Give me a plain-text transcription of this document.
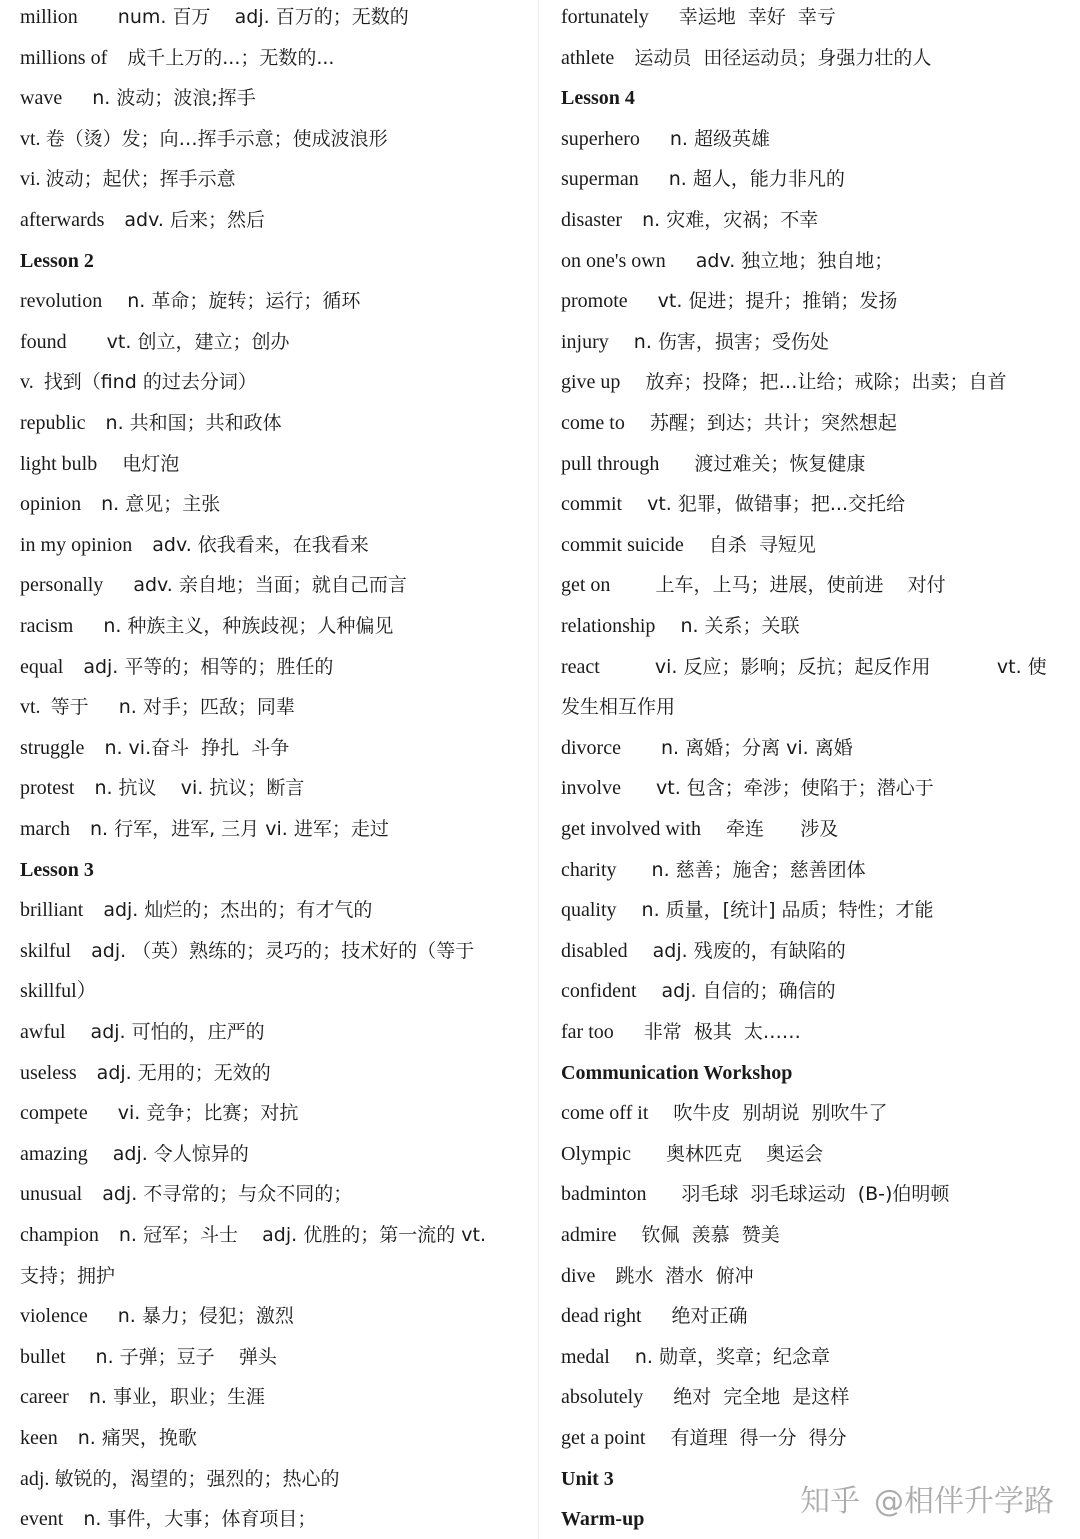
million        num. 百万    adj. 百万的；无数的
millions of    成千上万的...；无数的...
wave      n. 波动；波浪;挥手
vt. 卷（烫）发；向…挥手示意；使成波浪形
vi. 波动；起伏；挥手示意
afterwards    adv. 后来；然后
Lesson 2
revolution     n. 革命；旋转；运行；循环
found        vt. 创立，建立；创办
v.  找到（find 的过去分词）
republic    n. 共和国；共和政体
light bulb     电灯泡
opinion    n. 意见；主张
in my opinion    adv. 依我看来，在我看来
personally      adv. 亲自地；当面；就自己而言
racism      n. 种族主义，种族歧视；人种偏见
equal    adj. 平等的；相等的；胜任的
vt.  等于     n. 对手；匹敌；同辈
struggle    n. vi.奋斗  挣扎  斗争
protest    n. 抗议    vi. 抗议；断言
march    n. 行军，进军, 三月 vi. 进军；走过
Lesson 3
brilliant    adj. 灿烂的；杰出的；有才气的
skilful    adj. （英）熟练的；灵巧的；技术好的（等于
skillful）
awful     adj. 可怕的，庄严的
useless    adj. 无用的；无效的
compete      vi. 竞争；比赛；对抗
amazing     adj. 令人惊异的
unusual    adj. 不寻常的；与众不同的；
champion    n. 冠军；斗士    adj. 优胜的；第一流的 vt.
支持；拥护
violence      n. 暴力；侵犯；激烈
bullet      n. 子弹；豆子    弹头
career    n. 事业，职业；生涯
keen    n. 痛哭，挽歌
adj. 敏锐的，渴望的；强烈的；热心的
event    n. 事件，大事；体育项目；
fortunately      幸运地  幸好  幸亏
athlete    运动员  田径运动员；身强力壮的人
Lesson 4
superhero      n. 超级英雄
superman      n. 超人，能力非凡的
disaster    n. 灾难，灾祸；不幸
on one's own      adv. 独立地；独自地；
promote      vt. 促进；提升；推销；发扬
injury     n. 伤害，损害；受伤处
give up     放弃；投降；把…让给；戒除；出卖；自首
come to     苏醒；到达；共计；突然想起
pull through       渡过难关；恢复健康
commit     vt. 犯罪，做错事；把...交托给
commit suicide     自杀  寻短见
get on         上车，上马；进展，使前进    对付
relationship     n. 关系；关联
react           vi. 反应；影响；反抗；起反作用           vt. 使
发生相互作用
divorce        n. 离婚；分离 vi. 离婚
involve       vt. 包含；牵涉；使陷于；潜心于
get involved with     牵连      涉及
charity       n. 慈善；施舍；慈善团体
quality     n. 质量，[统计] 品质；特性；才能
disabled     adj. 残废的，有缺陷的
confident     adj. 自信的；确信的
far too      非常  极其  太……
Communication Workshop
come off it     吹牛皮  别胡说  别吹牛了
Olympic       奥林匹克    奥运会
badminton       羽毛球  羽毛球运动  (B-)伯明顿
admire     钦佩  羡慕  赞美
dive    跳水  潜水  俯冲
dead right      绝对正确
medal     n. 勋章，奖章；纪念章
absolutely      绝对  完全地  是这样
get a point     有道理  得一分  得分
Unit 3
Warm-up
知乎 @相伴升学路
